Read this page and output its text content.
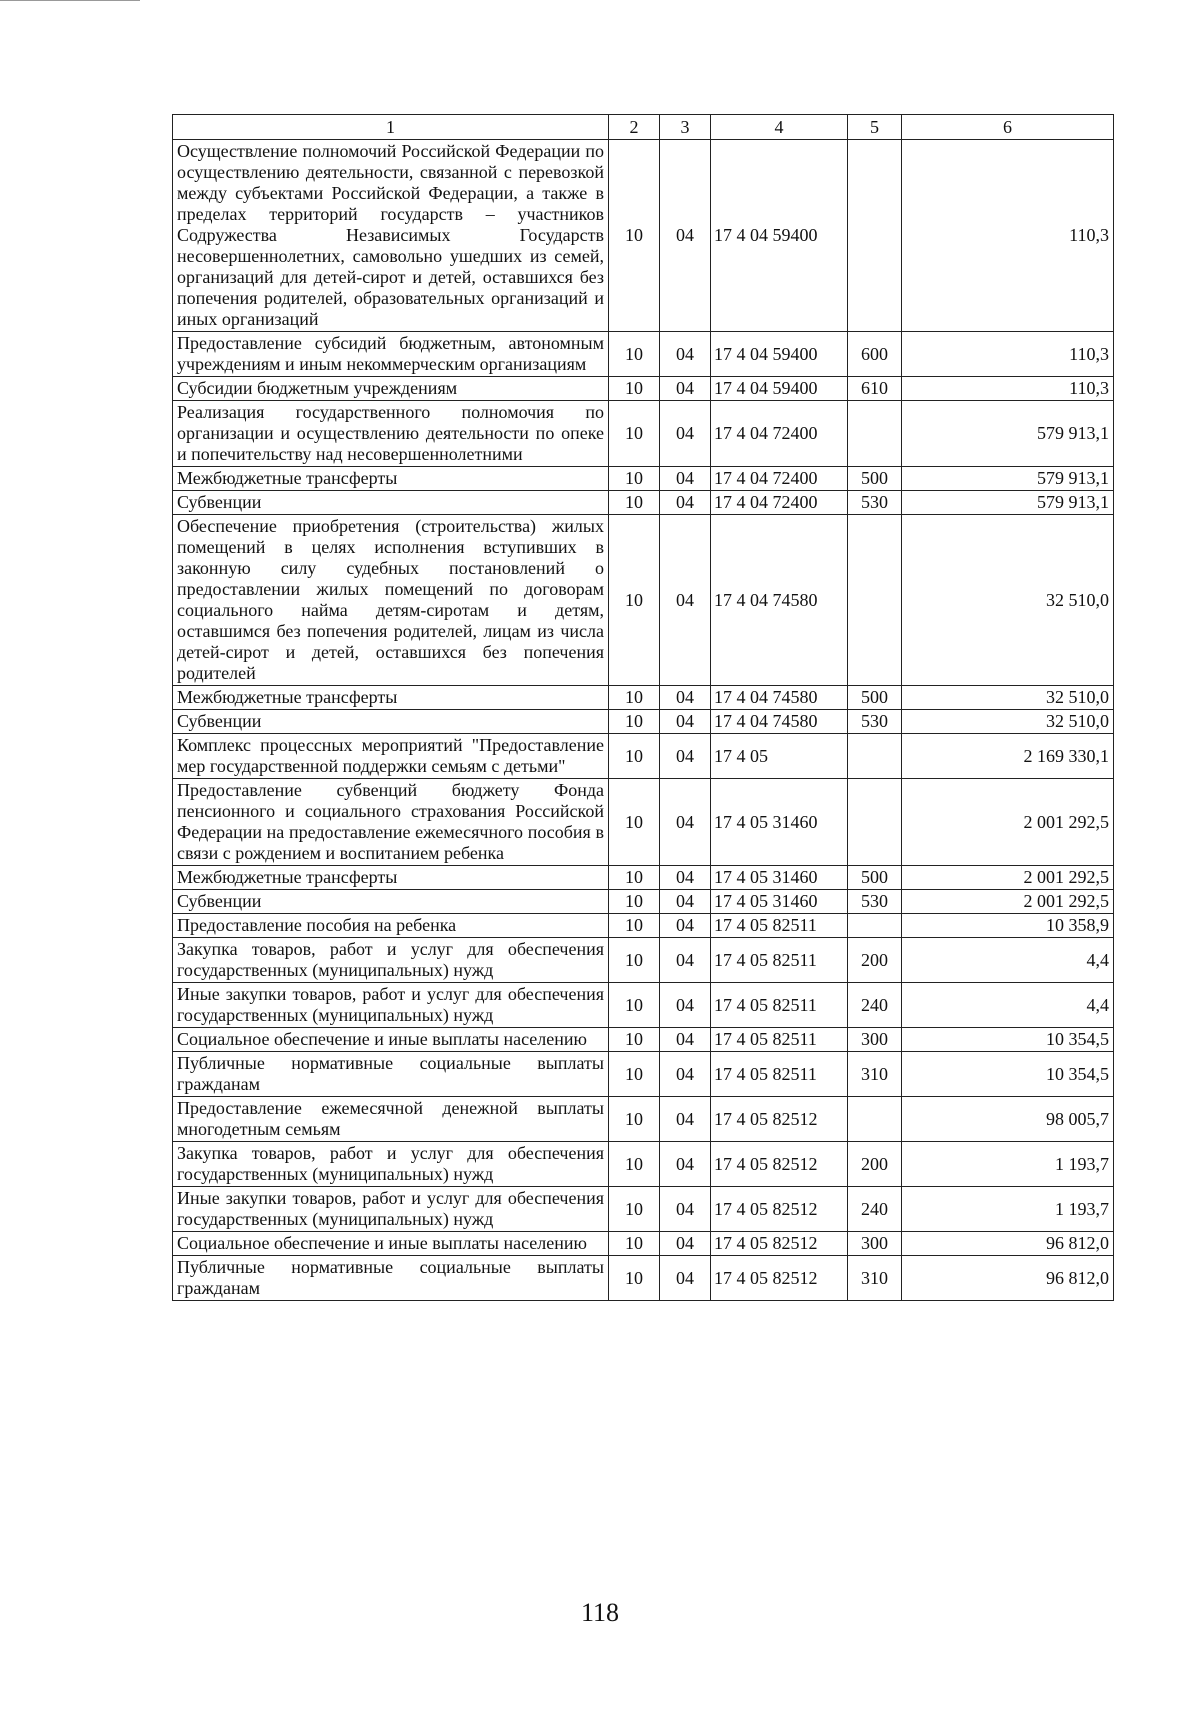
1	2	3	4	5	6
Осуществление полномочий Российской Федерации по осуществлению деятельности, связанной с перевозкой между субъектами Российской Федерации, а также в пределах территорий государств – участников Содружества Независимых Государств несовершеннолетних, самовольно ушедших из семей, организаций для детей-сирот и детей, оставшихся без попечения родителей, образовательных организаций и иных организаций	10	04	17 4 04 59400		110,3
Предоставление субсидий бюджетным, автономным учреждениям и иным некоммерческим организациям	10	04	17 4 04 59400	600	110,3
Субсидии бюджетным учреждениям	10	04	17 4 04 59400	610	110,3
Реализация государственного полномочия по организации и осуществлению деятельности по опеке и попечительству над несовершеннолетними	10	04	17 4 04 72400		579 913,1
Межбюджетные трансферты	10	04	17 4 04 72400	500	579 913,1
Субвенции	10	04	17 4 04 72400	530	579 913,1
Обеспечение приобретения (строительства) жилых помещений в целях исполнения вступивших в законную силу судебных постановлений о предоставлении жилых помещений по договорам социального найма детям-сиротам и детям, оставшимся без попечения родителей, лицам из числа детей-сирот и детей, оставшихся без попечения родителей	10	04	17 4 04 74580		32 510,0
Межбюджетные трансферты	10	04	17 4 04 74580	500	32 510,0
Субвенции	10	04	17 4 04 74580	530	32 510,0
Комплекс процессных мероприятий "Предоставление мер государственной поддержки семьям с детьми"	10	04	17 4 05		2 169 330,1
Предоставление субвенций бюджету Фонда пенсионного и социального страхования Российской Федерации на предоставление ежемесячного пособия в связи с рождением и воспитанием ребенка	10	04	17 4 05 31460		2 001 292,5
Межбюджетные трансферты	10	04	17 4 05 31460	500	2 001 292,5
Субвенции	10	04	17 4 05 31460	530	2 001 292,5
Предоставление пособия на ребенка	10	04	17 4 05 82511		10 358,9
Закупка товаров, работ и услуг для обеспечения государственных (муниципальных) нужд	10	04	17 4 05 82511	200	4,4
Иные закупки товаров, работ и услуг для обеспечения государственных (муниципальных) нужд	10	04	17 4 05 82511	240	4,4
Социальное обеспечение и иные выплаты населению	10	04	17 4 05 82511	300	10 354,5
Публичные нормативные социальные выплаты гражданам	10	04	17 4 05 82511	310	10 354,5
Предоставление ежемесячной денежной выплаты многодетным семьям	10	04	17 4 05 82512		98 005,7
Закупка товаров, работ и услуг для обеспечения государственных (муниципальных) нужд	10	04	17 4 05 82512	200	1 193,7
Иные закупки товаров, работ и услуг для обеспечения государственных (муниципальных) нужд	10	04	17 4 05 82512	240	1 193,7
Социальное обеспечение и иные выплаты населению	10	04	17 4 05 82512	300	96 812,0
Публичные нормативные социальные выплаты гражданам	10	04	17 4 05 82512	310	96 812,0
118
